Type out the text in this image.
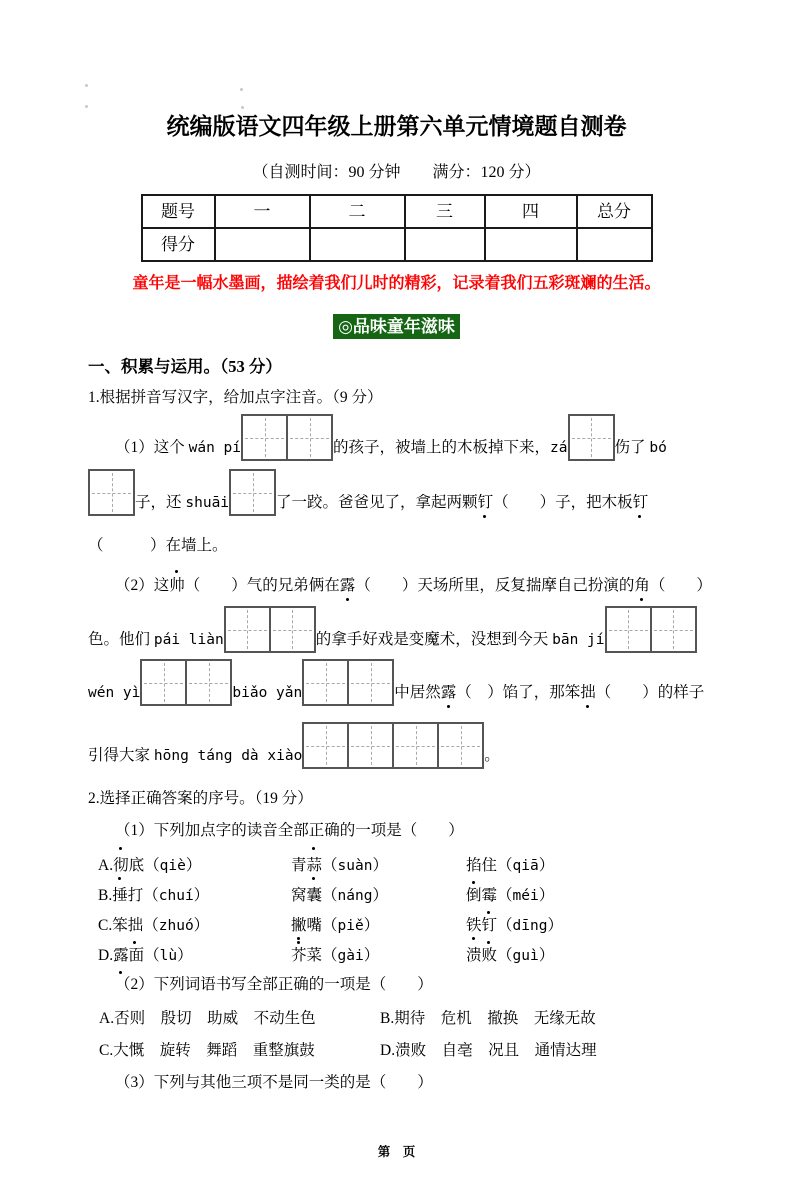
统编版语文四年级上册第六单元情境题自测卷
（自测时间：90 分钟　　满分：120 分）
题号	一	二	三	四	总分
得分					
童年是一幅水墨画，描绘着我们儿时的精彩，记录着我们五彩斑斓的生活。
◎品味童年滋味
一、积累与运用。（53 分）
1.根据拼音写汉字，给加点字注音。（9 分）
（1）这个 wán pí	的孩子，被墙上的木板掉下来，zá	伤了 bó
子，还 shuāi	了一跤。爸爸见了，拿起两颗钉（　　）子，把木板钉
（　　　）在墙上。
（2）这帅（　　）气的兄弟俩在露（　　）天场所里，反复揣摩自己扮演的角（　　）
色。他们 pái liàn	的拿手好戏是变魔术，没想到今天 bān jí
wén yì	biǎo yǎn	中居然露（　）馅了，那笨拙（　　）的样子
引得大家 hōng táng dà xiào	。
2.选择正确答案的序号。（19 分）
（1）下列加点字的读音全部正确的一项是（　　）
A.彻底（qiè）	青蒜（suàn）	掐住（qiā）
B.捶打（chuí）	窝囊（náng）	倒霉（méi）
C.笨拙（zhuó）	撇嘴（piě）	铁钉（dīng）
D.露面（lù）	芥菜（gài）	溃败（guì）
（2）下列词语书写全部正确的一项是（　　）
A.否则　殷切　助威　不动生色	B.期待　危机　撤换　无缘无故
C.大慨　旋转　舞蹈　重整旗鼓	D.溃败　自亳　况且　通情达理
（3）下列与其他三项不是同一类的是（　　）
第　页
